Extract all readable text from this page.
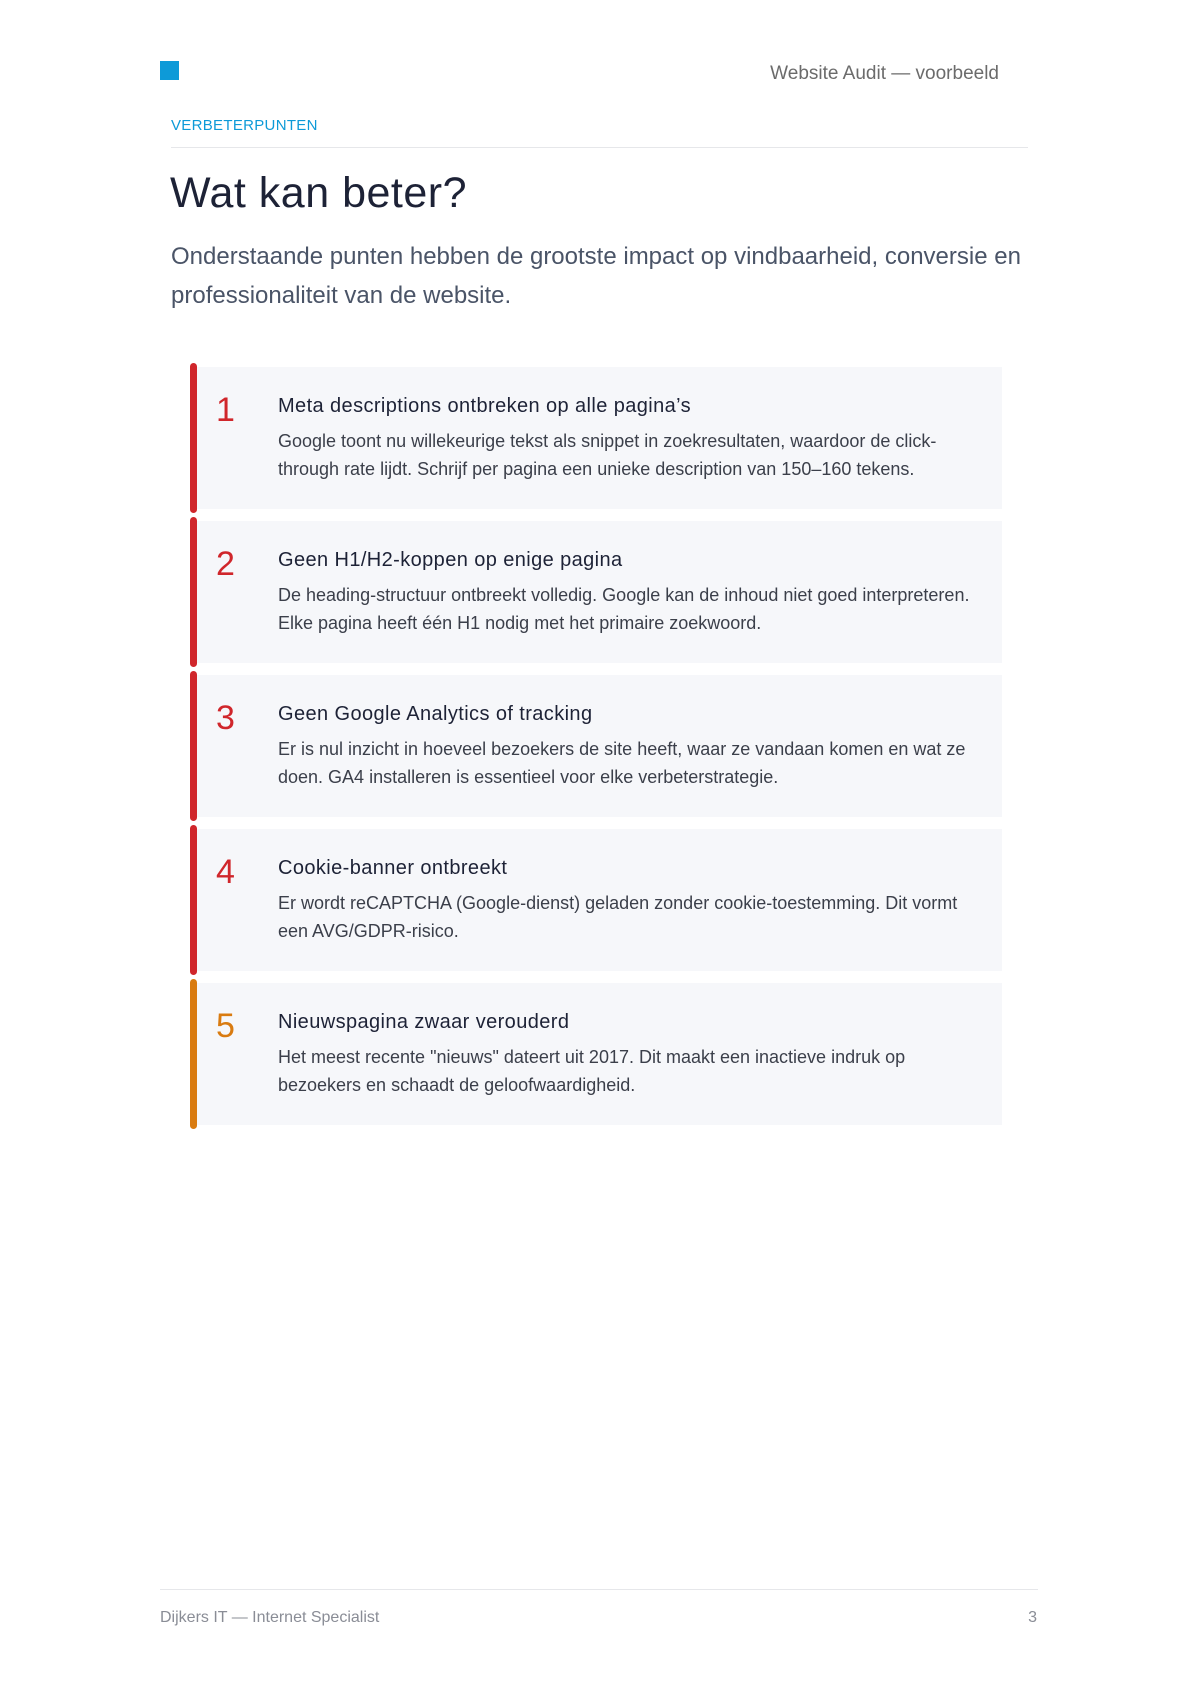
Website Audit — voorbeeld
VERBETERPUNTEN
Wat kan beter?

Onderstaande punten hebben de grootste impact op vindbaarheid, conversie en professionaliteit van de website.

1 Meta descriptions ontbreken op alle pagina’s

Google toont nu willekeurige tekst als snippet in zoekresultaten, waardoor de click-through rate lijdt. Schrijf per pagina een unieke description van 150–160 tekens.

2 Geen H1/H2-koppen op enige pagina

De heading-structuur ontbreekt volledig. Google kan de inhoud niet goed interpreteren. Elke pagina heeft één H1 nodig met het primaire zoekwoord.

3 Geen Google Analytics of tracking

Er is nul inzicht in hoeveel bezoekers de site heeft, waar ze vandaan komen en wat ze doen. GA4 installeren is essentieel voor elke verbeterstrategie.

4 Cookie-banner ontbreekt

Er wordt reCAPTCHA (Google-dienst) geladen zonder cookie-toestemming. Dit vormt een AVG/GDPR-risico.

5 Nieuwspagina zwaar verouderd

Het meest recente "nieuws" dateert uit 2017. Dit maakt een inactieve indruk op bezoekers en schaadt de geloofwaardigheid.

Dijkers IT — Internet Specialist	3
